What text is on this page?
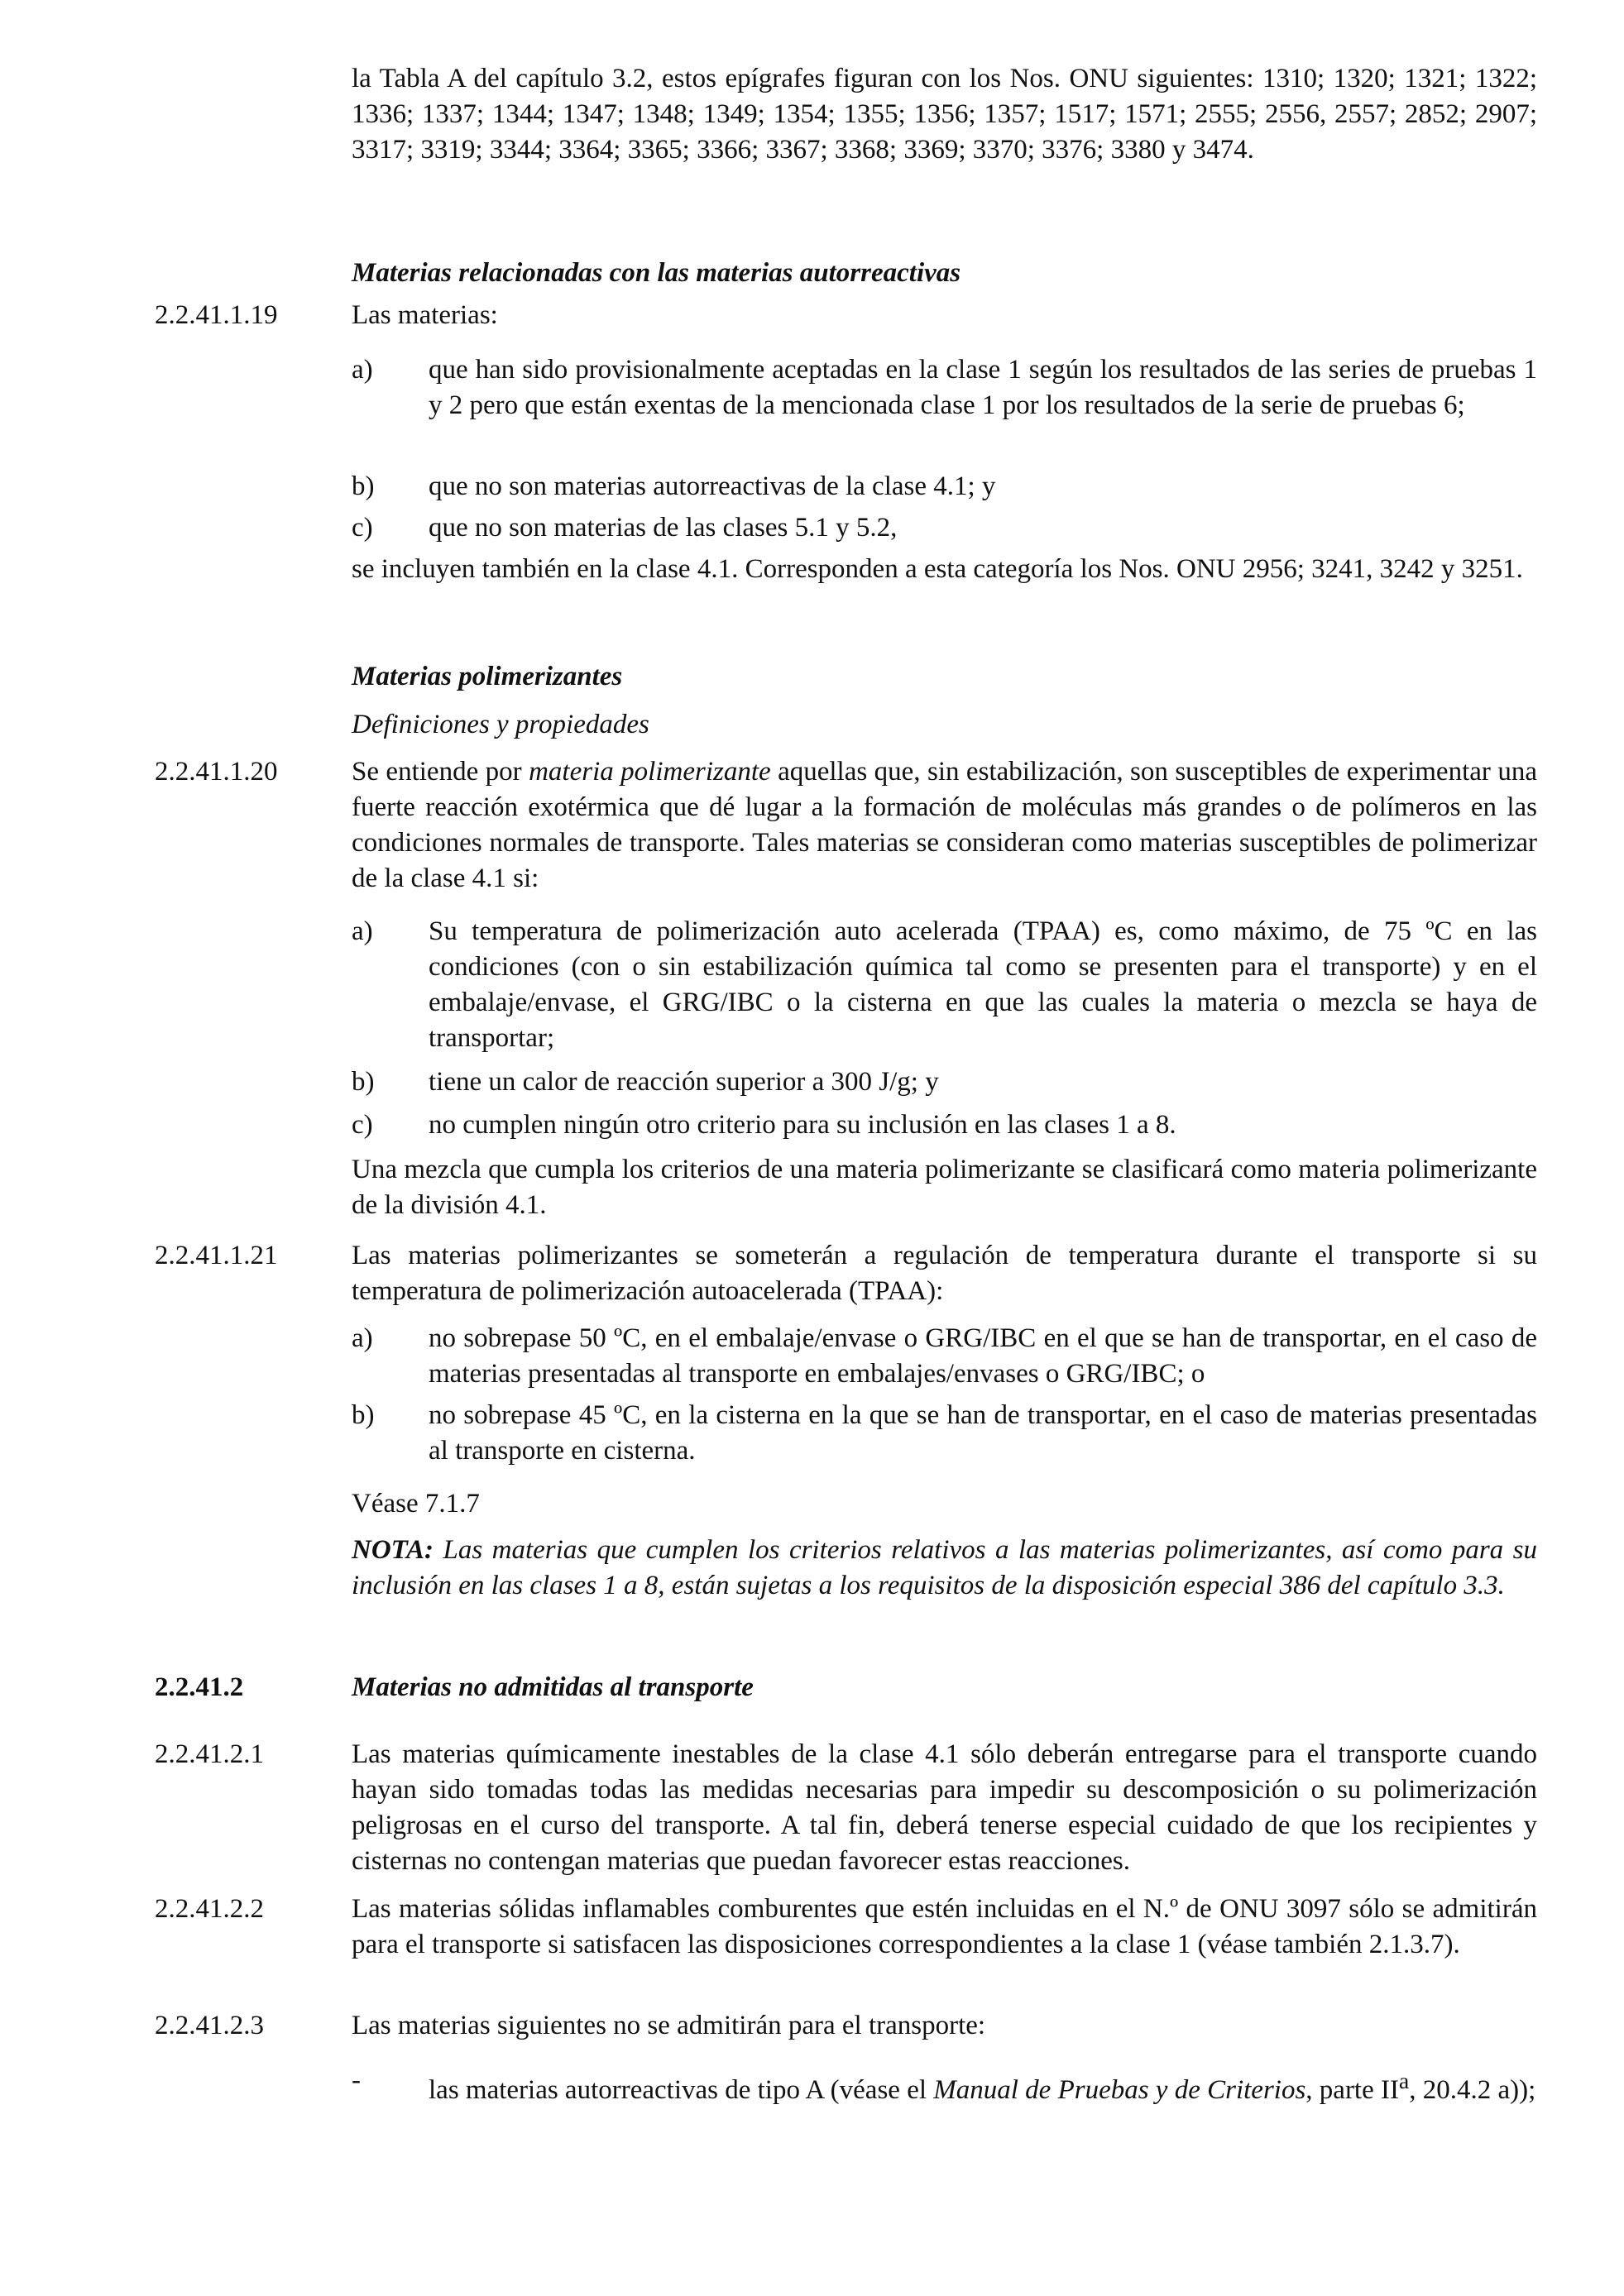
la Tabla A del capítulo 3.2, estos epígrafes figuran con los Nos. ONU siguientes: 1310; 1320; 1321; 1322; 1336; 1337; 1344; 1347; 1348; 1349; 1354; 1355; 1356; 1357; 1517; 1571; 2555; 2556, 2557; 2852; 2907; 3317; 3319; 3344; 3364; 3365; 3366; 3367; 3368; 3369; 3370; 3376; 3380 y 3474.

Materias relacionadas con las materias autorreactivas

2.2.41.1.19	Las materias:

a) que han sido provisionalmente aceptadas en la clase 1 según los resultados de las series de pruebas 1 y 2 pero que están exentas de la mencionada clase 1 por los resultados de la serie de pruebas 6;
b) que no son materias autorreactivas de la clase 4.1; y
c) que no son materias de las clases 5.1 y 5.2,

se incluyen también en la clase 4.1. Corresponden a esta categoría los Nos. ONU 2956; 3241, 3242 y 3251.

Materias polimerizantes

Definiciones y propiedades

2.2.41.1.20	Se entiende por materia polimerizante aquellas que, sin estabilización, son susceptibles de experimentar una fuerte reacción exotérmica que dé lugar a la formación de moléculas más grandes o de polímeros en las condiciones normales de transporte. Tales materias se consideran como materias susceptibles de polimerizar de la clase 4.1 si:

a) Su temperatura de polimerización auto acelerada (TPAA) es, como máximo, de 75 ºC en las condiciones (con o sin estabilización química tal como se presenten para el transporte) y en el embalaje/envase, el GRG/IBC o la cisterna en que las cuales la materia o mezcla se haya de transportar;
b) tiene un calor de reacción superior a 300 J/g; y
c) no cumplen ningún otro criterio para su inclusión en las clases 1 a 8.

Una mezcla que cumpla los criterios de una materia polimerizante se clasificará como materia polimerizante de la división 4.1.

2.2.41.1.21	Las materias polimerizantes se someterán a regulación de temperatura durante el transporte si su temperatura de polimerización autoacelerada (TPAA):

a) no sobrepase 50 ºC, en el embalaje/envase o GRG/IBC en el que se han de transportar, en el caso de materias presentadas al transporte en embalajes/envases o GRG/IBC; o
b) no sobrepase 45 ºC, en la cisterna en la que se han de transportar, en el caso de materias presentadas al transporte en cisterna.

Véase 7.1.7

NOTA: Las materias que cumplen los criterios relativos a las materias polimerizantes, así como para su inclusión en las clases 1 a 8, están sujetas a los requisitos de la disposición especial 386 del capítulo 3.3.

2.2.41.2	Materias no admitidas al transporte

2.2.41.2.1	Las materias químicamente inestables de la clase 4.1 sólo deberán entregarse para el transporte cuando hayan sido tomadas todas las medidas necesarias para impedir su descomposición o su polimerización peligrosas en el curso del transporte. A tal fin, deberá tenerse especial cuidado de que los recipientes y cisternas no contengan materias que puedan favorecer estas reacciones.

2.2.41.2.2	Las materias sólidas inflamables comburentes que estén incluidas en el N.º de ONU 3097 sólo se admitirán para el transporte si satisfacen las disposiciones correspondientes a la clase 1 (véase también 2.1.3.7).

2.2.41.2.3	Las materias siguientes no se admitirán para el transporte:

- las materias autorreactivas de tipo A (véase el Manual de Pruebas y de Criterios, parte $II^a$, 20.4.2 a));
